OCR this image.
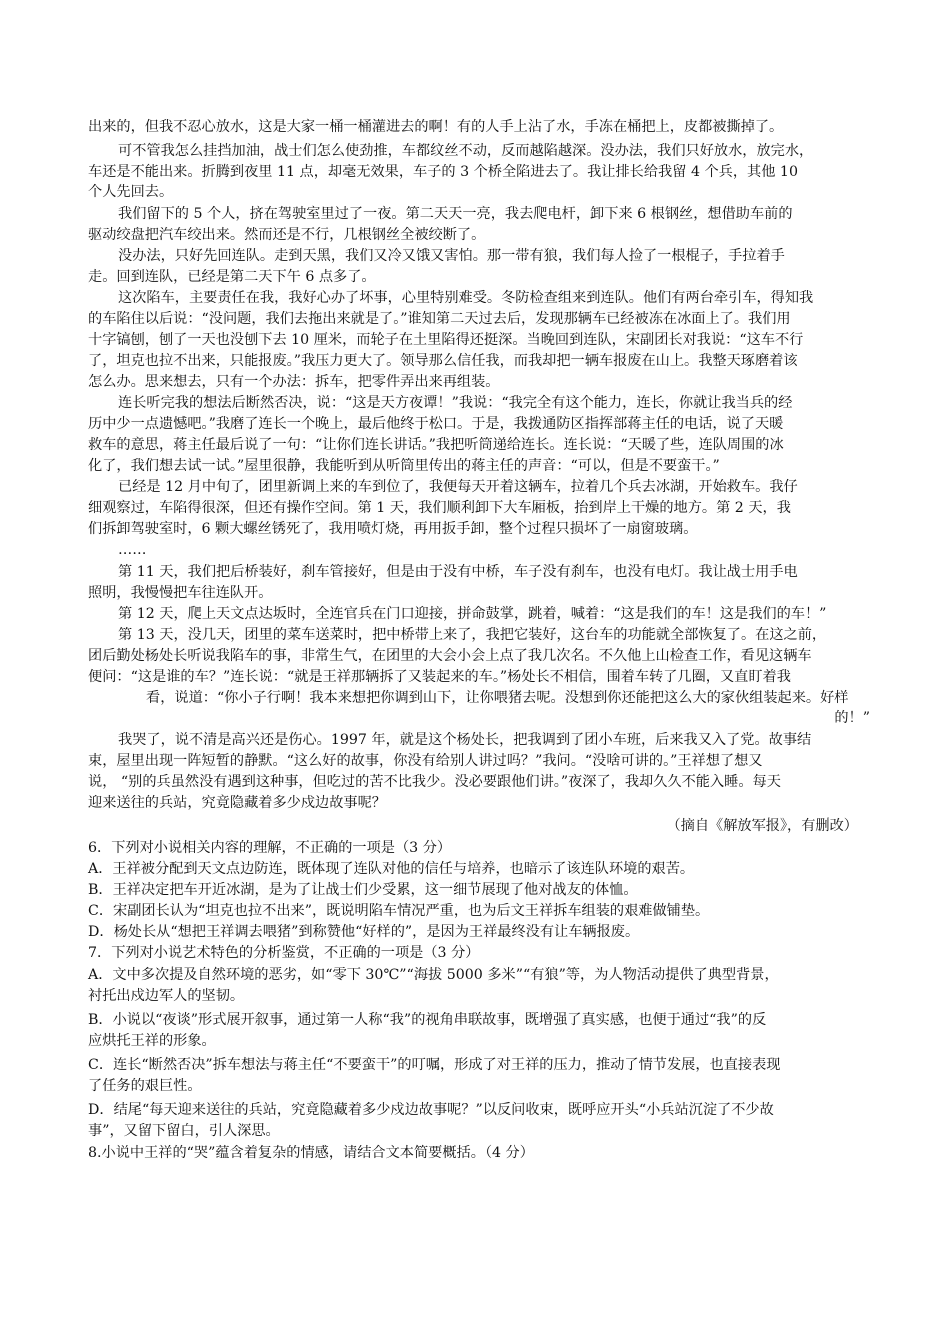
出来的，但我不忍心放水，这是大家一桶一桶灌进去的啊！有的人手上沾了水，手冻在桶把上，皮都被撕掉了。
可不管我怎么挂挡加油，战士们怎么使劲推，车都纹丝不动，反而越陷越深。没办法，我们只好放水，放完水，
车还是不能出来。折腾到夜里 11 点，却毫无效果，车子的 3 个桥全陷进去了。我让排长给我留 4 个兵，其他 10
个人先回去。
我们留下的 5 个人，挤在驾驶室里过了一夜。第二天天一亮，我去爬电杆，卸下来 6 根钢丝，想借助车前的
驱动绞盘把汽车绞出来。然而还是不行，几根钢丝全被绞断了。
没办法，只好先回连队。走到天黑，我们又冷又饿又害怕。那一带有狼，我们每人捡了一根棍子，手拉着手
走。回到连队，已经是第二天下午 6 点多了。
这次陷车，主要责任在我，我好心办了坏事，心里特别难受。冬防检查组来到连队。他们有两台牵引车，得知我
的车陷住以后说：“没问题，我们去拖出来就是了。”谁知第二天过去后，发现那辆车已经被冻在冰面上了。我们用
十字镐刨，刨了一天也没刨下去 10 厘米，而轮子在土里陷得还挺深。当晚回到连队，宋副团长对我说：“这车不行
了，坦克也拉不出来，只能报废。”我压力更大了。领导那么信任我，而我却把一辆车报废在山上。我整天琢磨着该
怎么办。思来想去，只有一个办法：拆车，把零件弄出来再组装。
连长听完我的想法后断然否决，说：“这是天方夜谭！”我说：“我完全有这个能力，连长，你就让我当兵的经
历中少一点遗憾吧。”我磨了连长一个晚上，最后他终于松口。于是，我拨通防区指挥部蒋主任的电话，说了天暖
救车的意思，蒋主任最后说了一句：“让你们连长讲话。”我把听筒递给连长。连长说：“天暖了些，连队周围的冰
化了，我们想去试一试。”屋里很静，我能听到从听筒里传出的蒋主任的声音：“可以，但是不要蛮干。”
已经是 12 月中旬了，团里新调上来的车到位了，我便每天开着这辆车，拉着几个兵去冰湖，开始救车。我仔
细观察过，车陷得很深，但还有操作空间。第 1 天，我们顺利卸下大车厢板，抬到岸上干燥的地方。第 2 天，我
们拆卸驾驶室时，6 颗大螺丝锈死了，我用喷灯烧，再用扳手卸，整个过程只损坏了一扇窗玻璃。
……
第 11 天，我们把后桥装好，刹车管接好，但是由于没有中桥，车子没有刹车，也没有电灯。我让战士用手电
照明，我慢慢把车往连队开。
第 12 天，爬上天文点达坂时，全连官兵在门口迎接，拼命鼓掌，跳着，喊着：“这是我们的车！这是我们的车！”
第 13 天，没几天，团里的菜车送菜时，把中桥带上来了，我把它装好，这台车的功能就全部恢复了。在这之前，
团后勤处杨处长听说我陷车的事，非常生气，在团里的大会小会上点了我几次名。不久他上山检查工作，看见这辆车
便问：“这是谁的车？”连长说：“就是王祥那辆拆了又装起来的车。”杨处长不相信，围着车转了几圈，又直盯着我
看，说道：“你小子行啊！我本来想把你调到山下，让你喂猪去呢。没想到你还能把这么大的家伙组装起来。好样
的！”
我哭了，说不清是高兴还是伤心。1997 年，就是这个杨处长，把我调到了团小车班，后来我又入了党。故事结
束，屋里出现一阵短暂的静默。“这么好的故事，你没有给别人讲过吗？”我问。“没啥可讲的。”王祥想了想又
说， “别的兵虽然没有遇到这种事，但吃过的苦不比我少。没必要跟他们讲。”夜深了，我却久久不能入睡。每天
迎来送往的兵站，究竟隐藏着多少戍边故事呢？
（摘自《解放军报》，有删改）
6．下列对小说相关内容的理解，不正确的一项是（3 分）
A．王祥被分配到天文点边防连，既体现了连队对他的信任与培养，也暗示了该连队环境的艰苦。
B．王祥决定把车开近冰湖，是为了让战士们少受累，这一细节展现了他对战友的体恤。
C．宋副团长认为“坦克也拉不出来”，既说明陷车情况严重，也为后文王祥拆车组装的艰难做铺垫。
D．杨处长从“想把王祥调去喂猪”到称赞他“好样的”，是因为王祥最终没有让车辆报废。
7．下列对小说艺术特色的分析鉴赏，不正确的一项是（3 分）
A．文中多次提及自然环境的恶劣，如“零下 30℃”“海拔 5000 多米”“有狼”等，为人物活动提供了典型背景，
衬托出戍边军人的坚韧。
B．小说以“夜谈”形式展开叙事，通过第一人称“我”的视角串联故事，既增强了真实感，也便于通过“我”的反
应烘托王祥的形象。
C．连长“断然否决”拆车想法与蒋主任“不要蛮干”的叮嘱，形成了对王祥的压力，推动了情节发展，也直接表现
了任务的艰巨性。
D．结尾“每天迎来送往的兵站，究竟隐藏着多少戍边故事呢？”以反问收束，既呼应开头“小兵站沉淀了不少故
事”，又留下留白，引人深思。
8.小说中王祥的“哭”蕴含着复杂的情感，请结合文本简要概括。（4 分）
